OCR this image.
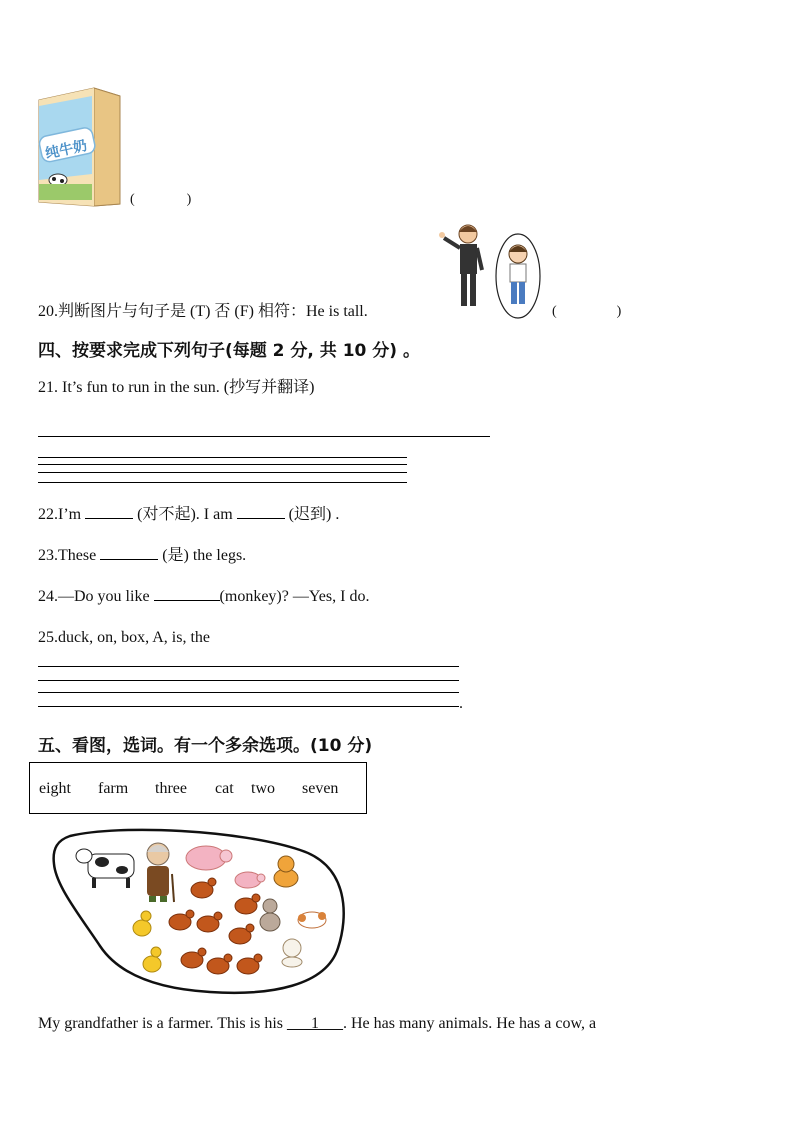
纯牛奶
(	)
20.判断图片与句子是 (T) 否 (F) 相符：He is tall.	(	)
四、按要求完成下列句子(每题 2 分, 共 10 分) 。
21. It’s fun to run in the sun. (抄写并翻译)
22.I’m	(对不起). I am	(迟到) .
23.These	(是) the legs.
24.—Do you like	(monkey)? —Yes, I do.
25.duck, on, box, A, is, the
.
五、看图，选词。有一个多余选项。(10 分)
eight farm three cat two seven
My grandfather is a farmer. This is his ___1___. He has many animals. He has a cow, a
